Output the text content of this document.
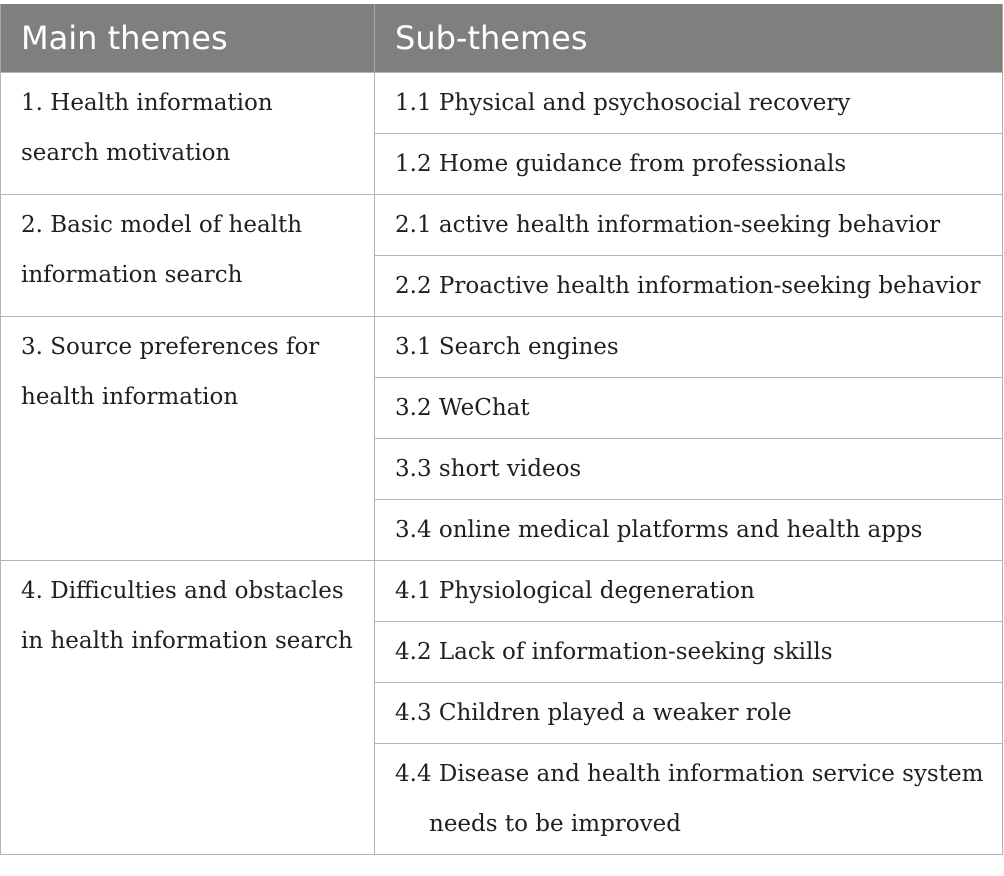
Main themes	Sub-themes
1. Health information search motivation	1.1 Physical and psychosocial recovery
	1.2 Home guidance from professionals
2. Basic model of health information search	2.1 active health information-seeking behavior
	2.2 Proactive health information-seeking behavior
3. Source preferences for health information	3.1 Search engines
	3.2 WeChat
	3.3 short videos
	3.4 online medical platforms and health apps
4. Difficulties and obstacles in health information search	4.1 Physiological degeneration
	4.2 Lack of information-seeking skills
	4.3 Children played a weaker role

	4.4 Disease and health information service system needs to be improved
